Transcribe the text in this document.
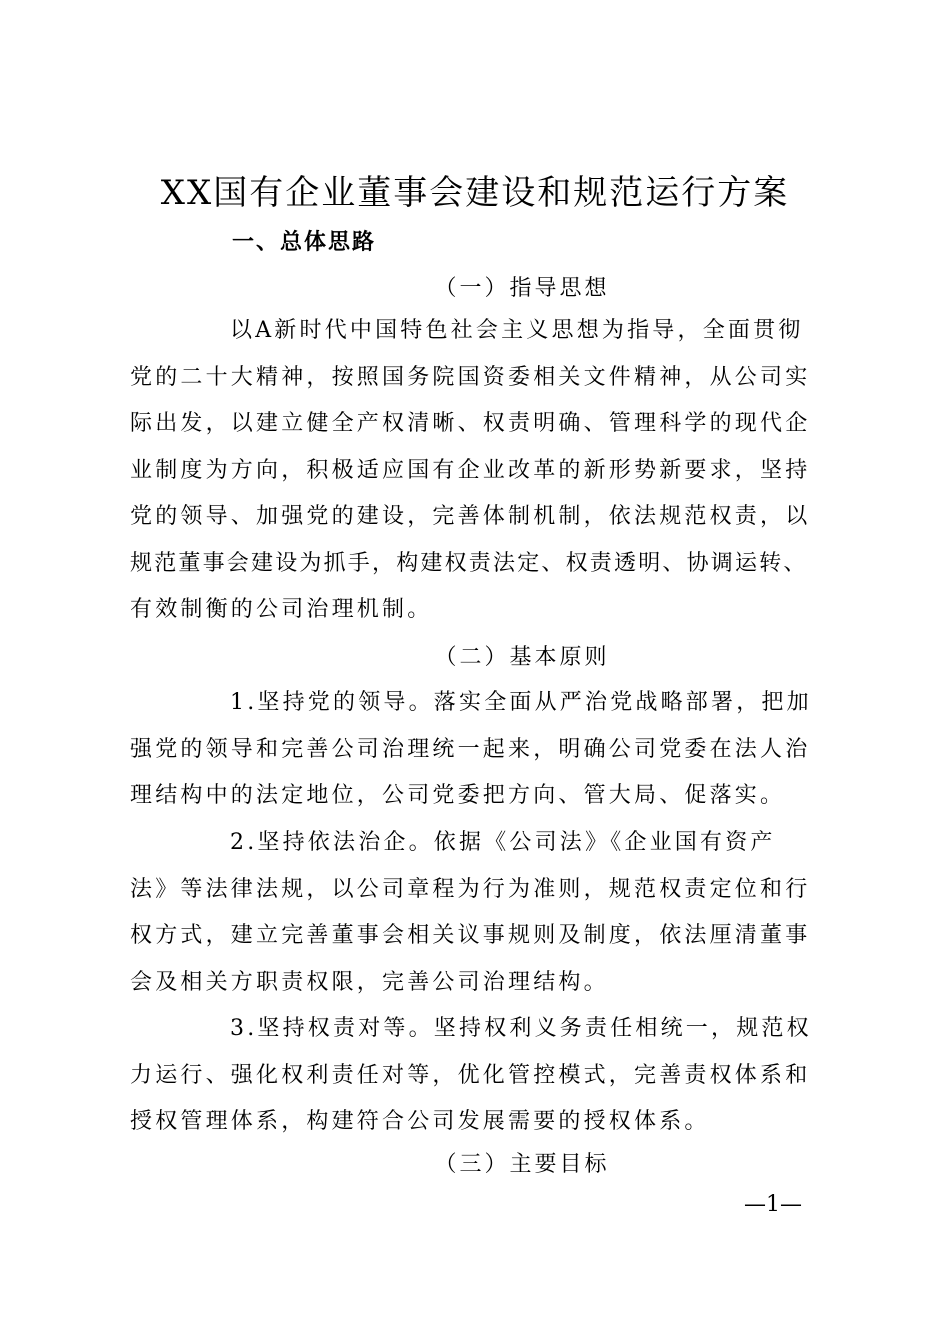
XX国有企业董事会建设和规范运行方案
一、总体思路
（一）指导思想

以A新时代中国特色社会主义思想为指导，全面贯彻
党的二十大精神，按照国务院国资委相关文件精神，从公司实
际出发，以建立健全产权清晰、权责明确、管理科学的现代企
业制度为方向，积极适应国有企业改革的新形势新要求，坚持
党的领导、加强党的建设，完善体制机制，依法规范权责，以
规范董事会建设为抓手，构建权责法定、权责透明、协调运转、
有效制衡的公司治理机制。

（二）基本原则

1.坚持党的领导。落实全面从严治党战略部署，把加
强党的领导和完善公司治理统一起来，明确公司党委在法人治
理结构中的法定地位，公司党委把方向、管大局、促落实。

2.坚持依法治企。依据《公司法》《企业国有资产
法》等法律法规，以公司章程为行为准则，规范权责定位和行
权方式，建立完善董事会相关议事规则及制度，依法厘清董事
会及相关方职责权限，完善公司治理结构。

3.坚持权责对等。坚持权利义务责任相统一，规范权
力运行、强化权利责任对等，优化管控模式，完善责权体系和
授权管理体系，构建符合公司发展需要的授权体系。

（三）主要目标
—1—
